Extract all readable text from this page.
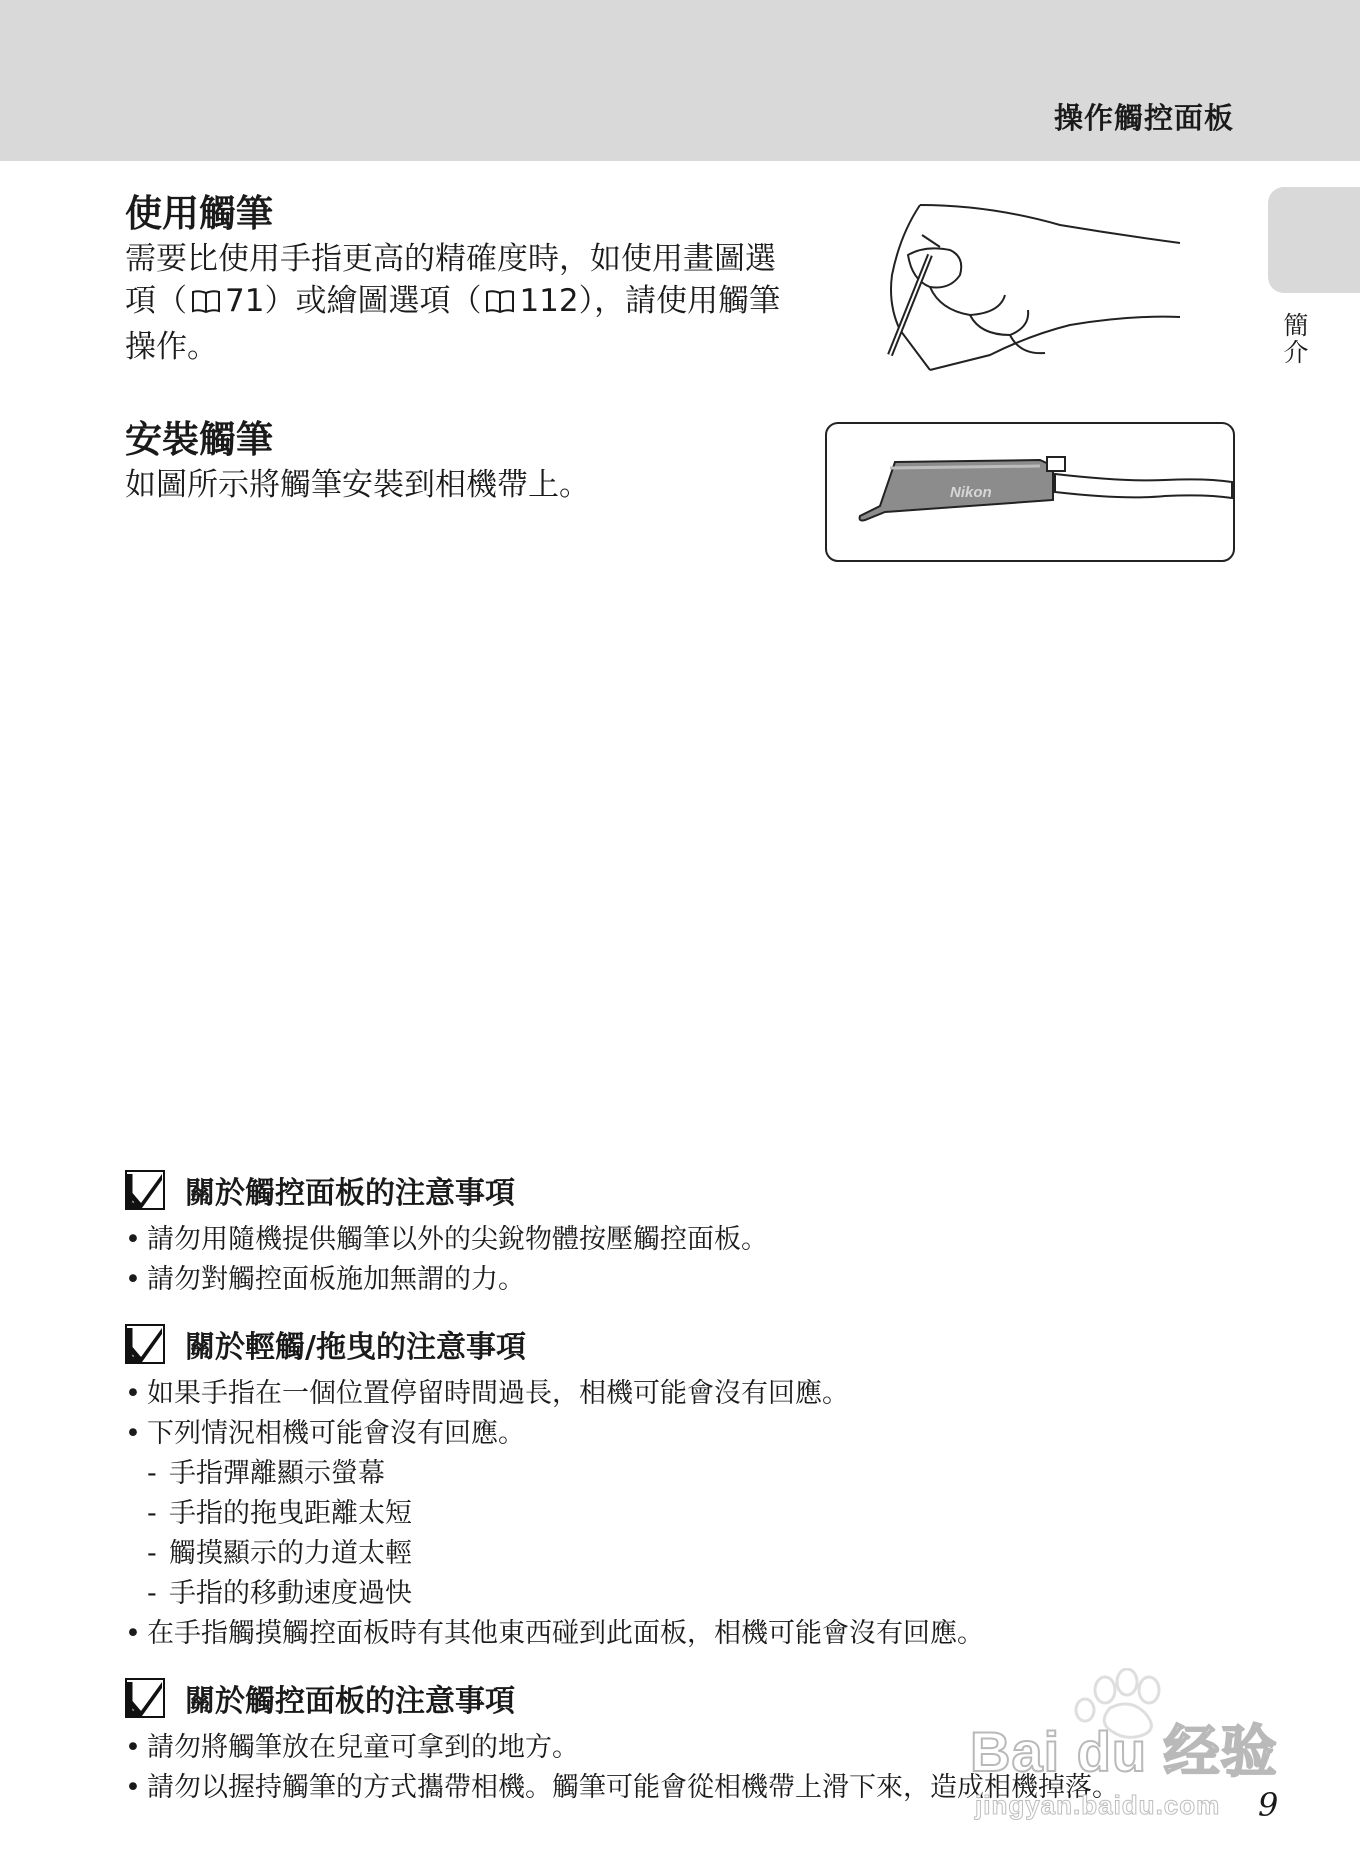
操作觸控面板
簡介
使用觸筆
需要比使用手指更高的精確度時，如使用畫圖選項（ 71）或繪圖選項（ 112），請使用觸筆操作。
安裝觸筆
如圖所示將觸筆安裝到相機帶上。	Nikon
關於觸控面板的注意事項
• 請勿用隨機提供觸筆以外的尖銳物體按壓觸控面板。
• 請勿對觸控面板施加無謂的力。
關於輕觸/拖曳的注意事項
• 如果手指在一個位置停留時間過長，相機可能會沒有回應。
• 下列情況相機可能會沒有回應。
- 手指彈離顯示螢幕
- 手指的拖曳距離太短
- 觸摸顯示的力道太輕
- 手指的移動速度過快
• 在手指觸摸觸控面板時有其他東西碰到此面板，相機可能會沒有回應。
關於觸控面板的注意事項
• 請勿將觸筆放在兒童可拿到的地方。
• 請勿以握持觸筆的方式攜帶相機。觸筆可能會從相機帶上滑下來，造成相機掉落。
Bai du 经验
jingyan.baidu.com 9
